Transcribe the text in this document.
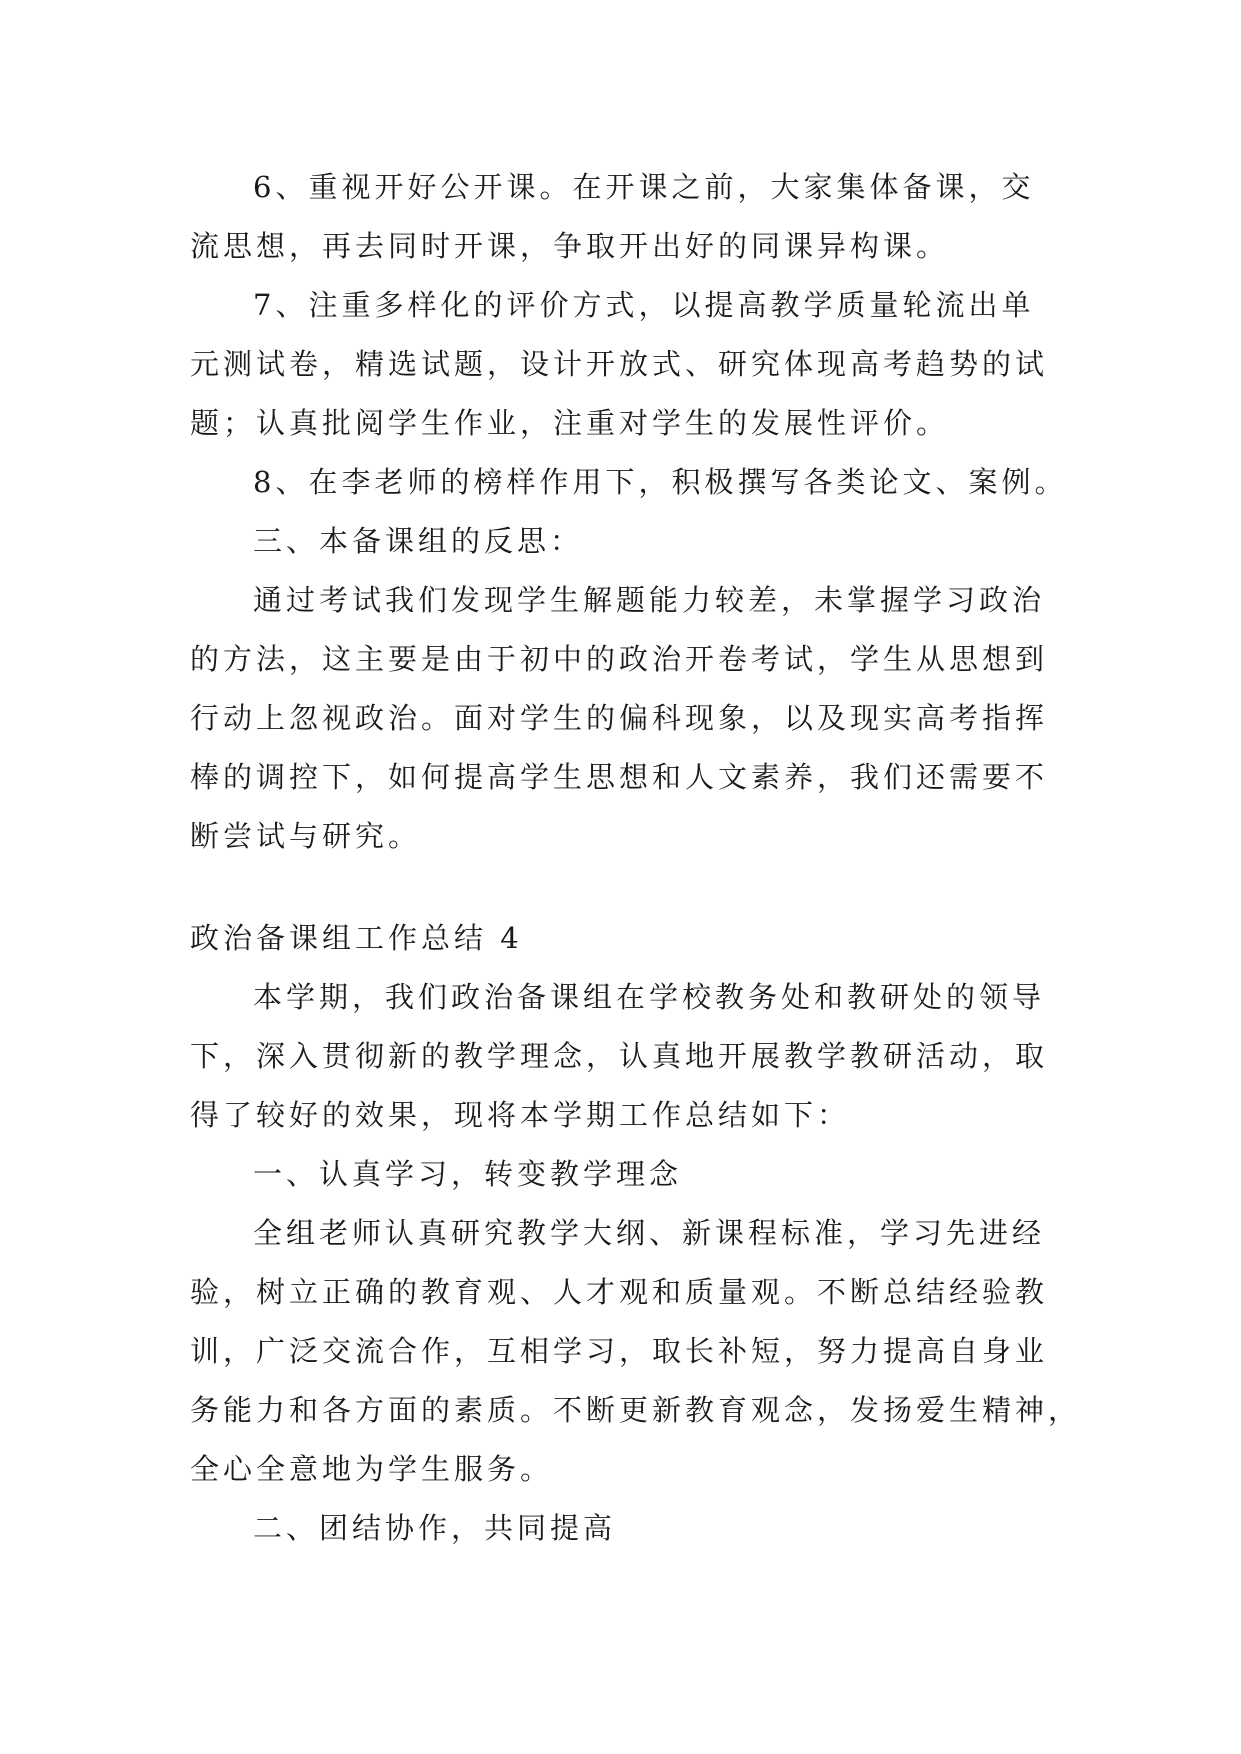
6、重视开好公开课。在开课之前，大家集体备课，交
流思想，再去同时开课，争取开出好的同课异构课。
7、注重多样化的评价方式，以提高教学质量轮流出单
元测试卷，精选试题，设计开放式、研究体现高考趋势的试
题；认真批阅学生作业，注重对学生的发展性评价。
8、在李老师的榜样作用下，积极撰写各类论文、案例。
三、本备课组的反思：
通过考试我们发现学生解题能力较差，未掌握学习政治
的方法，这主要是由于初中的政治开卷考试，学生从思想到
行动上忽视政治。面对学生的偏科现象，以及现实高考指挥
棒的调控下，如何提高学生思想和人文素养，我们还需要不
断尝试与研究。
政治备课组工作总结 4
本学期，我们政治备课组在学校教务处和教研处的领导
下，深入贯彻新的教学理念，认真地开展教学教研活动，取
得了较好的效果，现将本学期工作总结如下：
一、认真学习，转变教学理念
全组老师认真研究教学大纲、新课程标准，学习先进经
验，树立正确的教育观、人才观和质量观。不断总结经验教
训，广泛交流合作，互相学习，取长补短，努力提高自身业
务能力和各方面的素质。不断更新教育观念，发扬爱生精神，
全心全意地为学生服务。
二、团结协作，共同提高
